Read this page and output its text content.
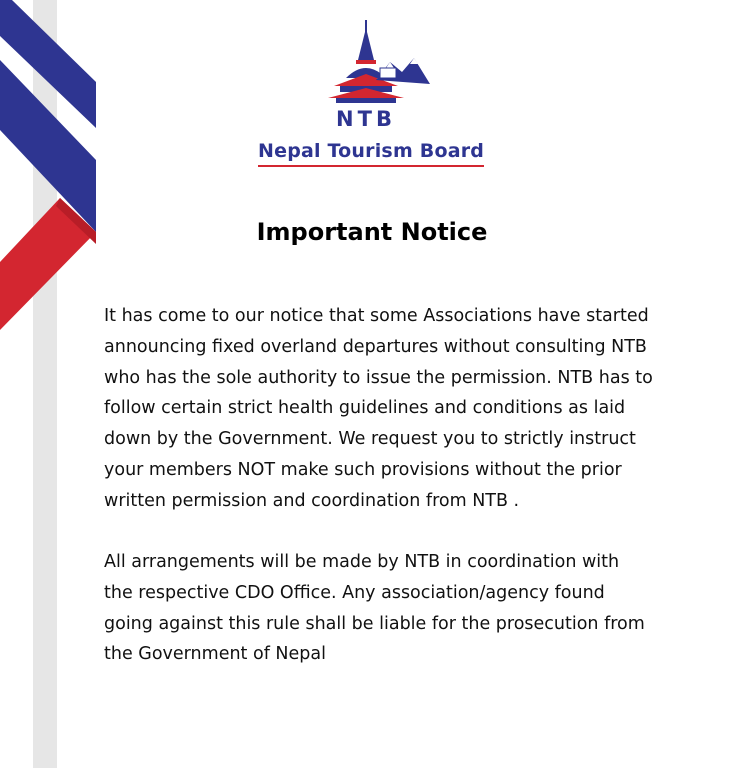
NTB
Nepal Tourism Board
Important Notice
It has come to our notice that some Associations have started
announcing fixed overland departures without consulting NTB
who has the sole authority to issue the permission. NTB has to
follow certain strict health guidelines and conditions as laid
down by the Government. We request you to strictly instruct
your members NOT make such provisions without the prior
written permission and coordination from NTB .
All arrangements will be made by NTB in coordination with
the respective CDO Office. Any association/agency found
going against this rule shall be liable for the prosecution from
the Government of Nepal
